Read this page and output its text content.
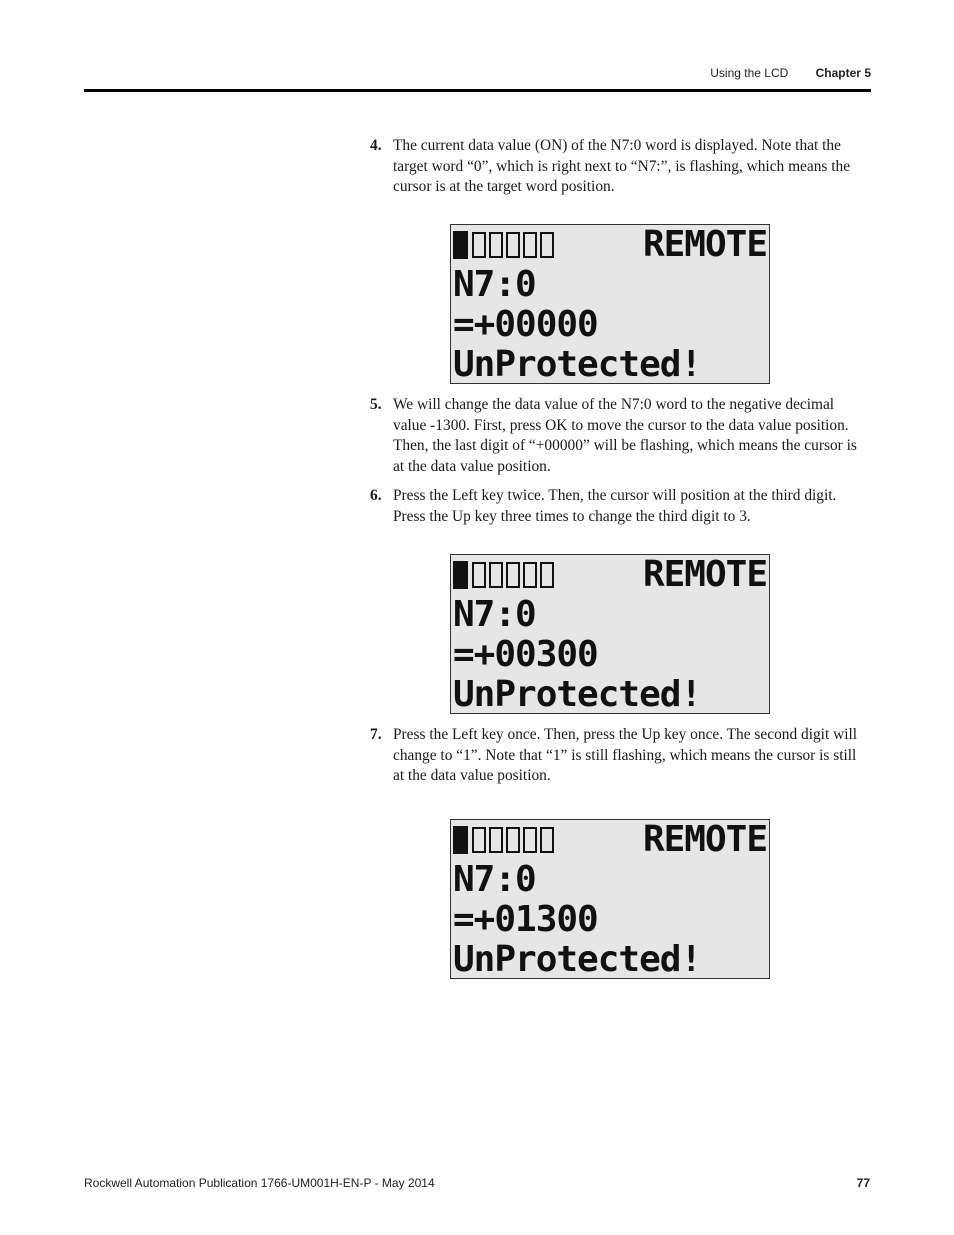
Using the LCD Chapter 5
4. The current data value (ON) of the N7:0 word is displayed. Note that the target word “0”, which is right next to “N7:”, is flashing, which means the cursor is at the target word position.
REMOTE
N7:0
=+00000
UnProtected!
5. We will change the data value of the N7:0 word to the negative decimal value -1300. First, press OK to move the cursor to the data value position. Then, the last digit of “+00000” will be flashing, which means the cursor is at the data value position.
6. Press the Left key twice. Then, the cursor will position at the third digit. Press the Up key three times to change the third digit to 3.
REMOTE
N7:0
=+00300
UnProtected!
7. Press the Left key once. Then, press the Up key once. The second digit will change to “1”. Note that “1” is still flashing, which means the cursor is still at the data value position.
REMOTE
N7:0
=+01300
UnProtected!
Rockwell Automation Publication 1766-UM001H-EN-P - May 2014	77
